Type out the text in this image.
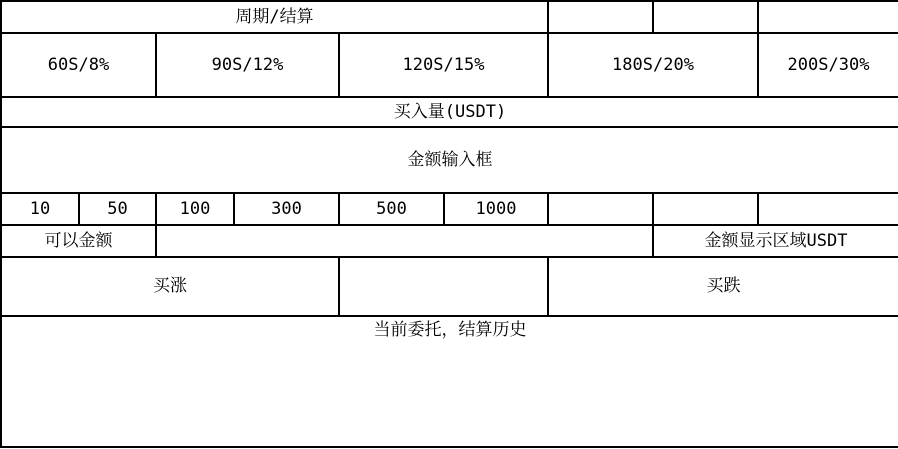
周期/结算								
60S/8%		90S/12%		120S/15%		180S/20%		200S/30%
买入量(USDT)								
金额输入框								
10	50	100	300	500	1000			
可以金额							金额显示区域USDT	
买涨						买跌		
当前委托，结算历史								
